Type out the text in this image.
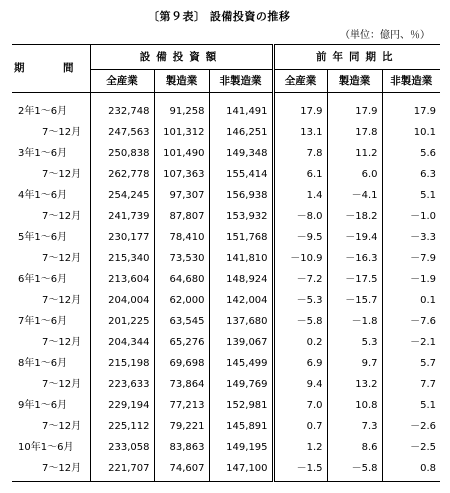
〔第９表〕 設備投資の推移
（単位：億円、％）
期　間	設備投資額			前年同期比		
	全産業	製造業	非製造業	全産業	製造業	非製造業
2年1～6月	232,748	91,258	141,491	17.9	17.9	17.9
7～12月	247,563	101,312	146,251	13.1	17.8	10.1
3年1～6月	250,838	101,490	149,348	7.8	11.2	5.6
7～12月	262,778	107,363	155,414	6.1	6.0	6.3
4年1～6月	254,245	97,307	156,938	1.4	－4.1	5.1
7～12月	241,739	87,807	153,932	－8.0	－18.2	－1.0
5年1～6月	230,177	78,410	151,768	－9.5	－19.4	－3.3
7～12月	215,340	73,530	141,810	－10.9	－16.3	－7.9
6年1～6月	213,604	64,680	148,924	－7.2	－17.5	－1.9
7～12月	204,004	62,000	142,004	－5.3	－15.7	0.1
7年1～6月	201,225	63,545	137,680	－5.8	－1.8	－7.6
7～12月	204,344	65,276	139,067	0.2	5.3	－2.1
8年1～6月	215,198	69,698	145,499	6.9	9.7	5.7
7～12月	223,633	73,864	149,769	9.4	13.2	7.7
9年1～6月	229,194	77,213	152,981	7.0	10.8	5.1
7～12月	225,112	79,221	145,891	0.7	7.3	－2.6
10年1～6月	233,058	83,863	149,195	1.2	8.6	－2.5
7～12月	221,707	74,607	147,100	－1.5	－5.8	0.8
